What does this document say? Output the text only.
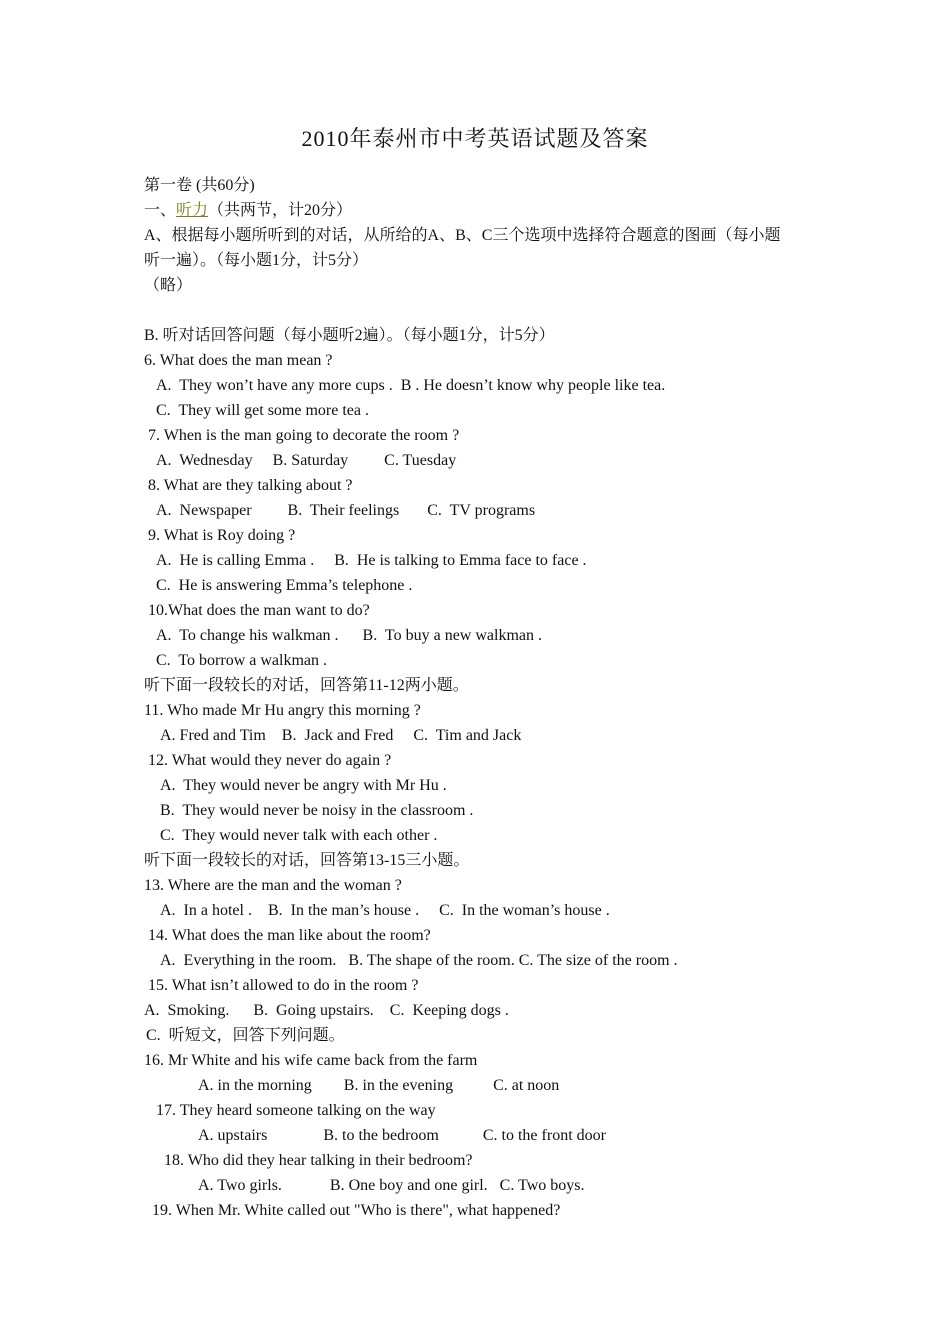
2010年泰州市中考英语试题及答案
第一卷 (共60分)
一、听力（共两节，计20分）
A、根据每小题所听到的对话，从所给的A、B、C三个选项中选择符合题意的图画（每小题
听一遍）。（每小题1分，计5分）
（略）
B. 听对话回答问题（每小题听2遍）。（每小题1分，计5分）
6. What does the man mean ?
A.  They won’t have any more cups .  B . He doesn’t know why people like tea.
C.  They will get some more tea .
7. When is the man going to decorate the room ?
A.  Wednesday     B. Saturday         C. Tuesday
8. What are they talking about ?
A.  Newspaper         B.  Their feelings       C.  TV programs
9. What is Roy doing ?
A.  He is calling Emma .     B.  He is talking to Emma face to face .
C.  He is answering Emma’s telephone .
10.What does the man want to do?
A.  To change his walkman .      B.  To buy a new walkman .
C.  To borrow a walkman .
听下面一段较长的对话，回答第11-12两小题。
11. Who made Mr Hu angry this morning ?
A. Fred and Tim    B.  Jack and Fred     C.  Tim and Jack
12. What would they never do again ?
A.  They would never be angry with Mr Hu .
B.  They would never be noisy in the classroom .
C.  They would never talk with each other .
听下面一段较长的对话，回答第13-15三小题。
13. Where are the man and the woman ?
A.  In a hotel .    B.  In the man’s house .     C.  In the woman’s house .
14. What does the man like about the room?
A.  Everything in the room.   B. The shape of the room. C. The size of the room .
15. What isn’t allowed to do in the room ?
A.  Smoking.      B.  Going upstairs.    C.  Keeping dogs .
C.  听短文，回答下列问题。
16. Mr White and his wife came back from the farm
A. in the morning        B. in the evening          C. at noon
17. They heard someone talking on the way
A. upstairs              B. to the bedroom           C. to the front door
18. Who did they hear talking in their bedroom?
A. Two girls.            B. One boy and one girl.   C. Two boys.
19. When Mr. White called out "Who is there", what happened?
